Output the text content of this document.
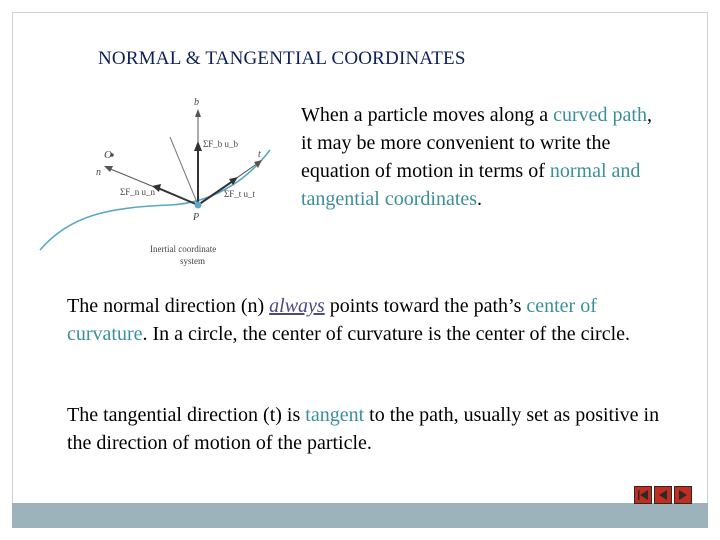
NORMAL & TANGENTIAL COORDINATES
b
O
n
t
P
ΣF_b u_b
ΣF_n u_n	ΣF_t u_t
Inertial coordinate
system
When a particle moves along a curved path, it may be more convenient to write the equation of motion in terms of normal and tangential coordinates.
The normal direction (n) always points toward the path’s center of curvature. In a circle, the center of curvature is the center of the circle.
The tangential direction (t) is tangent to the path, usually set as positive in the direction of motion of the particle.
